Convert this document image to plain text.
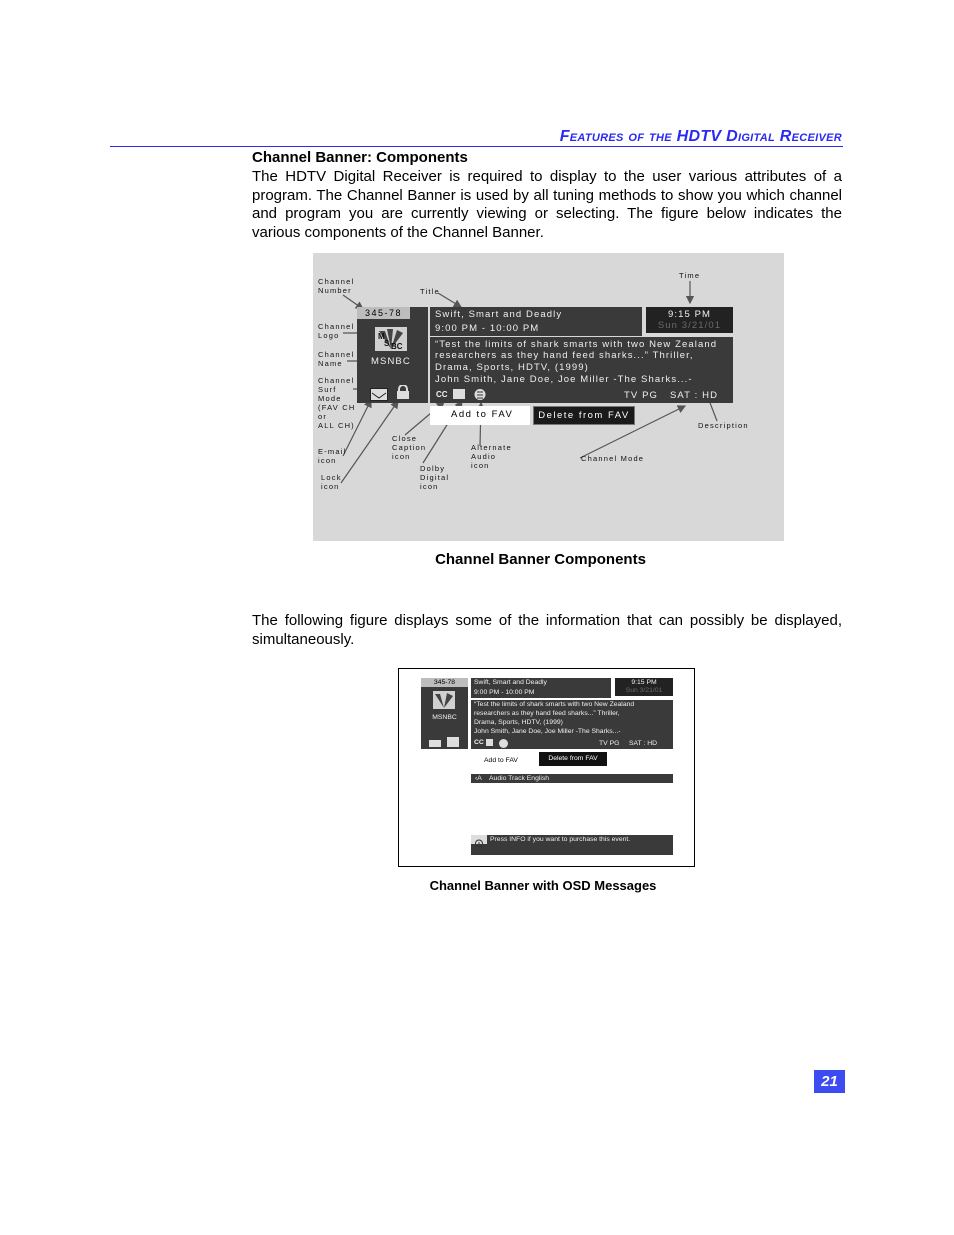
Features of the HDTV Digital Receiver
Channel Banner: Components
The HDTV Digital Receiver is required to display to the user various attributes of a program. The Channel Banner is used by all tuning methods to show you which channel and program you are currently viewing or selecting. The figure below indicates the various components of the Channel Banner.
Channel
Number	Title
Time
Channel
Logo
Channel
Name
Channel
Surf
Mode
(FAV CH
or
ALL CH)
E-mail
icon
Lock
icon
Close
Caption
icon
Dolby
Digital
icon
Alternate
Audio
icon
Channel Mode
Description
345-78
M
S BC
MSNBC
Swift, Smart and Deadly
9:00 PM - 10:00 PM
9:15 PM
Sun 3/21/01
“Test the limits of shark smarts with two New Zealand
researchers as they hand feed sharks...” Thriller,
Drama, Sports, HDTV, (1999)
John Smith, Jane Doe, Joe Miller -The Sharks...-
CC	TV PG SAT : HD
Add to FAV	Delete from FAV
Channel Banner Components
The following figure displays some of the information that can possibly be displayed, simultaneously.
345-78
MSNBC
Swift, Smart and Deadly
9:00 PM - 10:00 PM
9:15 PM
Sun 3/21/01
“Test the limits of shark smarts with two New Zealand
researchers as they hand feed sharks...” Thriller,
Drama, Sports, HDTV, (1999)
John Smith, Jane Doe, Joe Miller -The Sharks...-
CC	TV PG SAT : HD
Add to FAV	Delete from FAV
‹A Audio Track English
Press INFO if you want to purchase this event.
Channel Banner with OSD Messages
21
